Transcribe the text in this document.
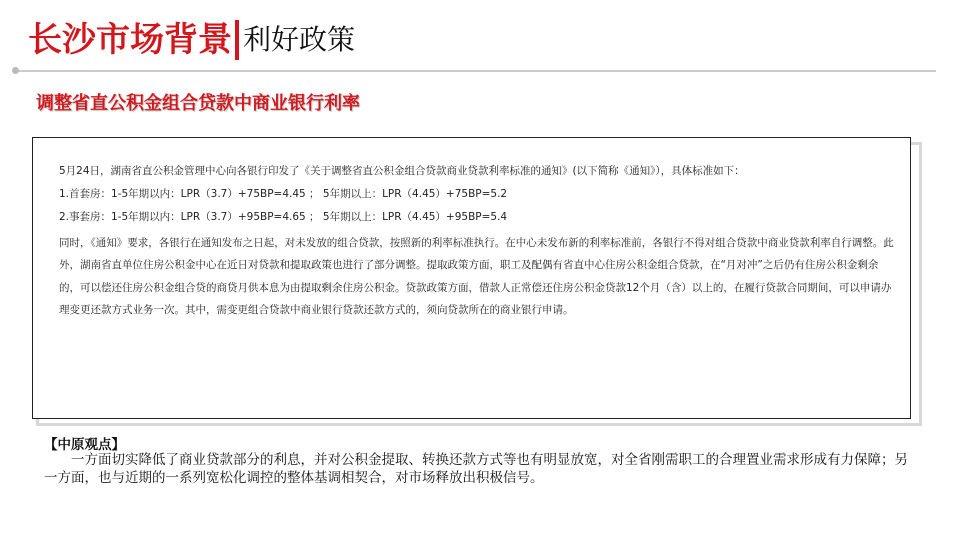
长沙市场背景 利好政策
调整省直公积金组合贷款中商业银行利率

5月24日，湖南省直公积金管理中心向各银行印发了《关于调整省直公积金组合贷款商业贷款利率标准的通知》(以下简称《通知》），具体标准如下：

1.首套房：1-5年期以内：LPR（3.7）+75BP=4.45 ； 5年期以上：LPR（4.45）+75BP=5.2

2.事套房：1-5年期以内：LPR（3.7）+95BP=4.65 ； 5年期以上：LPR（4.45）+95BP=5.4

同时，《通知》要求，各银行在通知发布之日起，对未发放的组合贷款，按照新的利率标准执行。在中心未发布新的利率标准前，各银行不得对组合贷款中商业贷款利率自行调整。此外，湖南省直单位住房公积金中心在近日对贷款和提取政策也进行了部分调整。提取政策方面，职工及配偶有省直中心住房公积金组合贷款，在“月对冲”之后仍有住房公积金剩余的，可以偿还住房公积金组合贷的商贷月供本息为由提取剩余住房公积金。贷款政策方面，借款人正常偿还住房公积金贷款12个月（含）以上的，在履行贷款合同期间，可以申请办理变更还款方式业务一次。其中，需变更组合贷款中商业银行贷款还款方式的，须向贷款所在的商业银行申请。

【中原观点】
一方面切实降低了商业贷款部分的利息，并对公积金提取、转换还款方式等也有明显放宽，对全省刚需职工的合理置业需求形成有力保障；另一方面，也与近期的一系列宽松化调控的整体基调相契合，对市场释放出积极信号。
